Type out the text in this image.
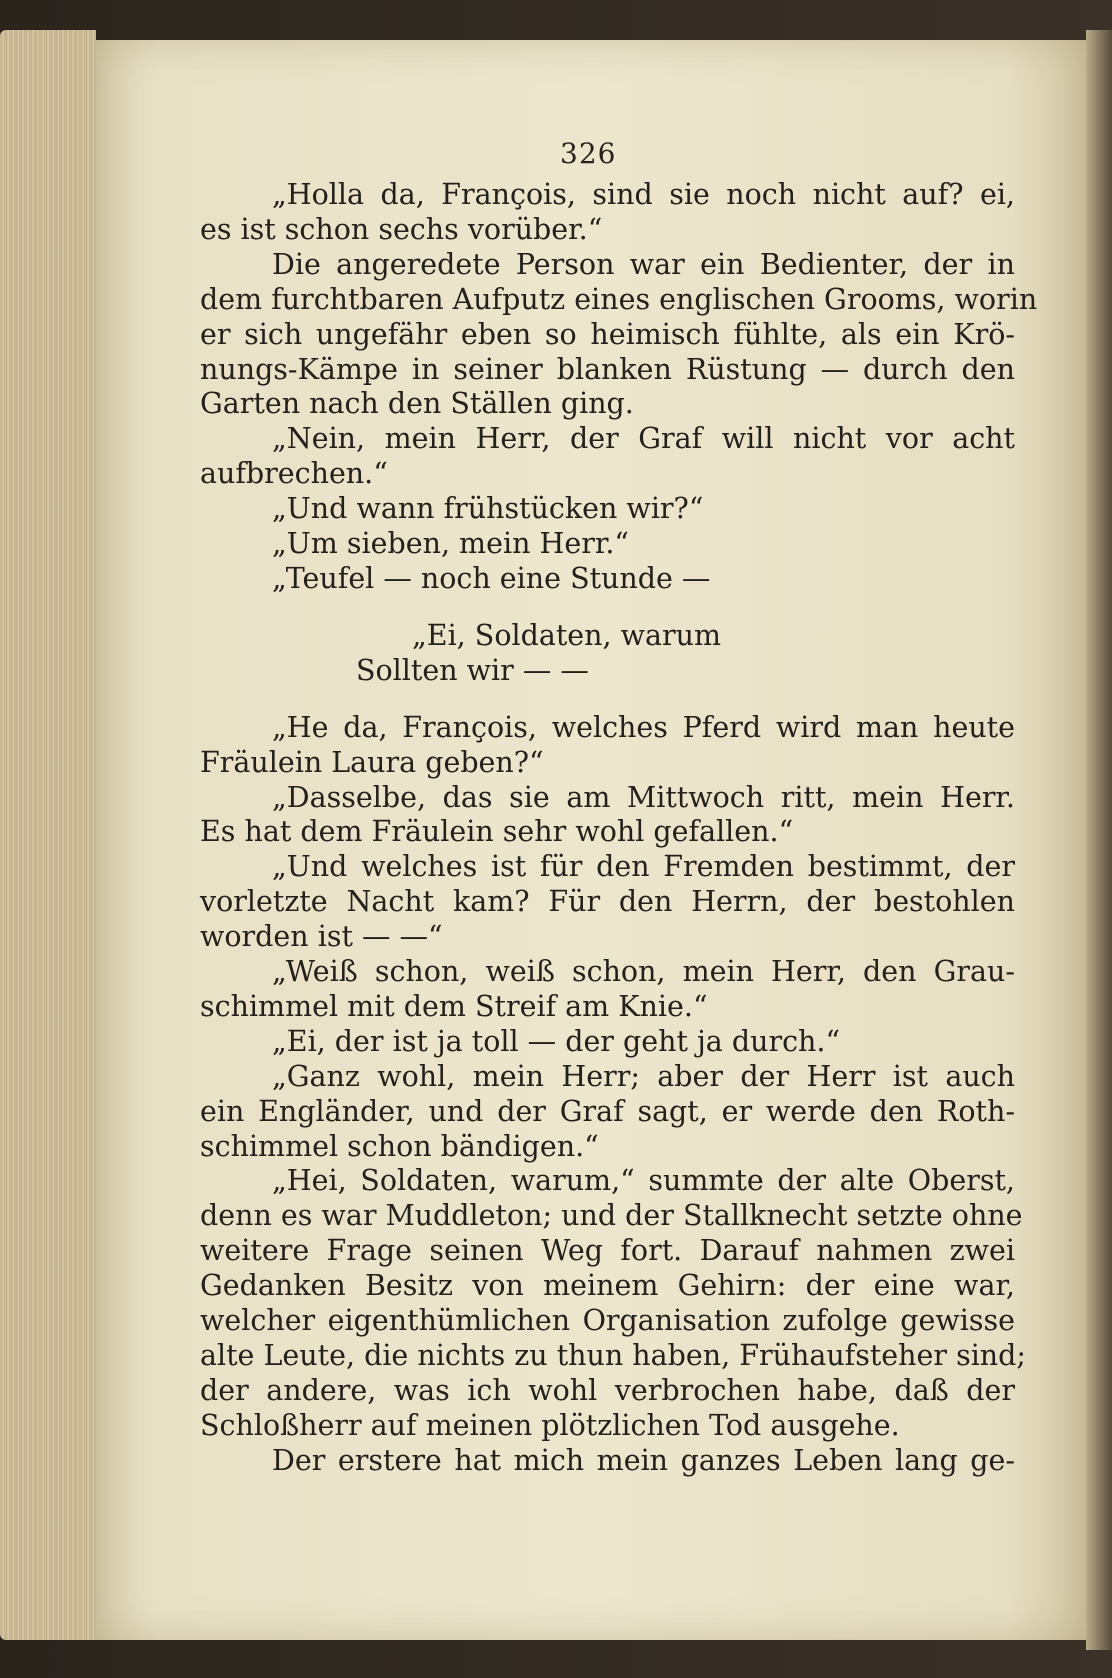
326
„Holla da, François, sind sie noch nicht auf? ei,
es ist schon sechs vorüber.“
Die angeredete Person war ein Bedienter, der in
dem furchtbaren Aufputz eines englischen Grooms, worin
er sich ungefähr eben so heimisch fühlte, als ein Krö-
nungs-Kämpe in seiner blanken Rüstung — durch den
Garten nach den Ställen ging.
„Nein, mein Herr, der Graf will nicht vor acht
aufbrechen.“
„Und wann frühstücken wir?“
„Um sieben, mein Herr.“
„Teufel — noch eine Stunde —
„Ei, Soldaten, warum
Sollten wir — —
„He da, François, welches Pferd wird man heute
Fräulein Laura geben?“
„Dasselbe, das sie am Mittwoch ritt, mein Herr.
Es hat dem Fräulein sehr wohl gefallen.“
„Und welches ist für den Fremden bestimmt, der
vorletzte Nacht kam? Für den Herrn, der bestohlen
worden ist — —“
„Weiß schon, weiß schon, mein Herr, den Grau-
schimmel mit dem Streif am Knie.“
„Ei, der ist ja toll — der geht ja durch.“
„Ganz wohl, mein Herr; aber der Herr ist auch
ein Engländer, und der Graf sagt, er werde den Roth-
schimmel schon bändigen.“
„Hei, Soldaten, warum,“ summte der alte Oberst,
denn es war Muddleton; und der Stallknecht setzte ohne
weitere Frage seinen Weg fort. Darauf nahmen zwei
Gedanken Besitz von meinem Gehirn: der eine war,
welcher eigenthümlichen Organisation zufolge gewisse
alte Leute, die nichts zu thun haben, Frühaufsteher sind;
der andere, was ich wohl verbrochen habe, daß der
Schloßherr auf meinen plötzlichen Tod ausgehe.
Der erstere hat mich mein ganzes Leben lang ge-
